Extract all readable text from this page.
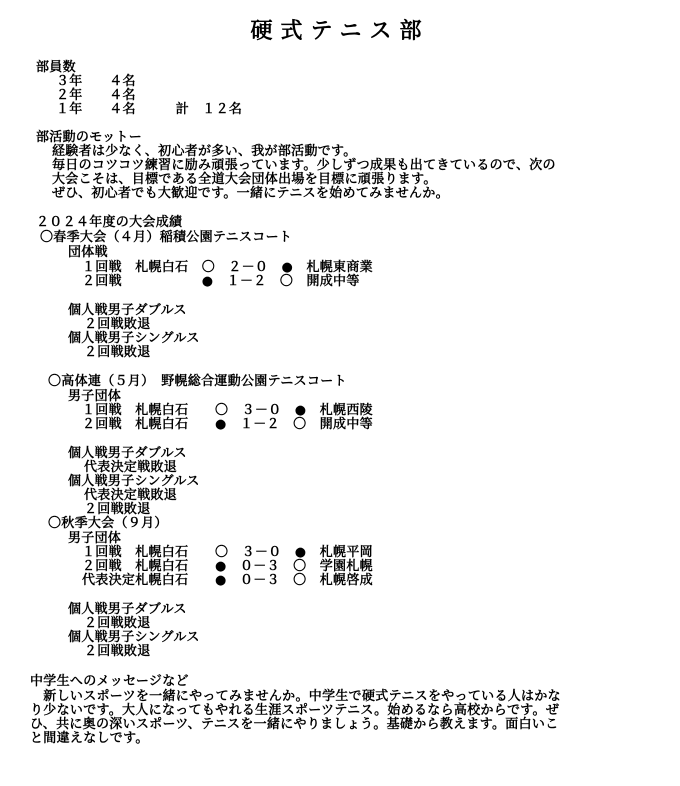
硬式テニス部
部員数
３年　　４名
２年　　４名
１年　　４名　　　計　１２名
部活動のモットー
経験者は少なく、初心者が多い、我が部活動です。
毎日のコツコツ練習に励み頑張っています。少しずつ成果も出てきているので、次の
大会こそは、目標である全道大会団体出場を目標に頑張ります。
ぜひ、初心者でも大歓迎です。一緒にテニスを始めてみませんか。
２０２４年度の大会成績
〇春季大会（４月）稲積公園テニスコート
団体戦
１回戦　札幌白石　〇　２－０　●　札幌東商業
２回戦　　　　　　●　１－２　〇　開成中等
個人戦男子ダブルス
２回戦敗退
個人戦男子シングルス
２回戦敗退
〇高体連（５月）　野幌総合運動公園テニスコート
男子団体
１回戦　札幌白石　　〇　３－０　●　札幌西陵
２回戦　札幌白石　　●　１－２　〇　開成中等
個人戦男子ダブルス
代表決定戦敗退
個人戦男子シングルス
代表決定戦敗退
２回戦敗退
〇秋季大会（９月）
男子団体
１回戦　札幌白石　　〇　３－０　●　札幌平岡
２回戦　札幌白石　　●　０－３　〇　学園札幌
代表決定札幌白石　　●　０－３　〇　札幌啓成
個人戦男子ダブルス
２回戦敗退
個人戦男子シングルス
２回戦敗退
中学生へのメッセージなど
　新しいスポーツを一緒にやってみませんか。中学生で硬式テニスをやっている人はかな
り少ないです。大人になってもやれる生涯スポーツテニス。始めるなら高校からです。ぜ
ひ、共に奥の深いスポーツ、テニスを一緒にやりましょう。基礎から教えます。面白いこ
と間違えなしです。
